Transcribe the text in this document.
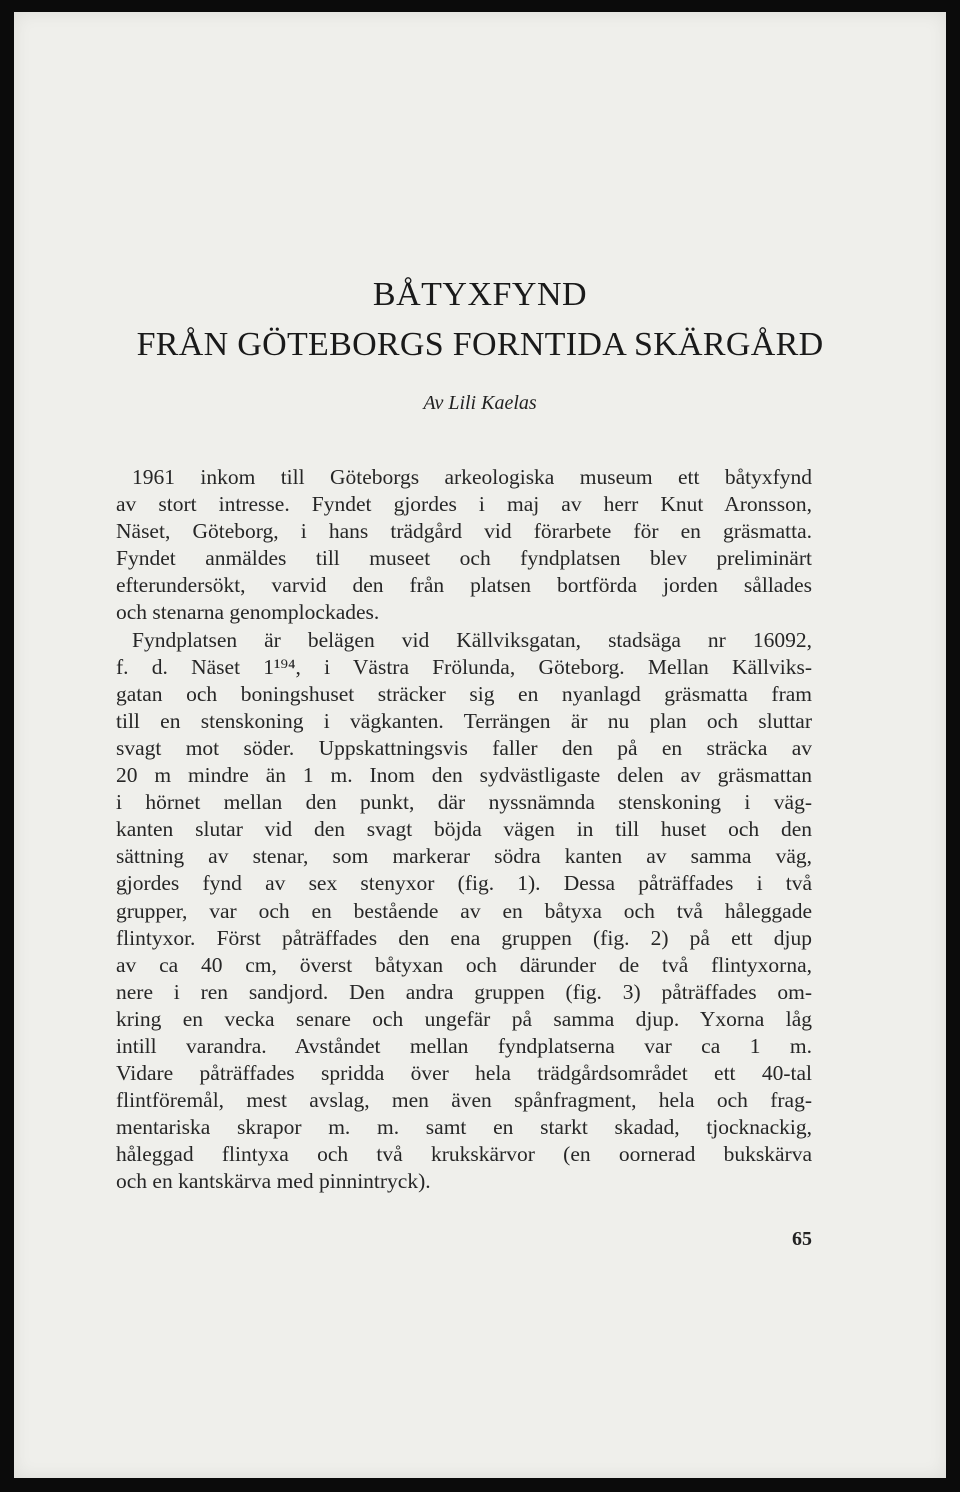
BÅTYXFYND
FRÅN GÖTEBORGS FORNTIDA SKÄRGÅRD
Av Lili Kaelas
1961 inkom till Göteborgs arkeologiska museum ett båtyxfynd
av stort intresse. Fyndet gjordes i maj av herr Knut Aronsson,
Näset, Göteborg, i hans trädgård vid förarbete för en gräsmatta.
Fyndet anmäldes till museet och fyndplatsen blev preliminärt
efterundersökt, varvid den från platsen bortförda jorden sållades
och stenarna genomplockades.
Fyndplatsen är belägen vid Källviksgatan, stadsäga nr 16092,
f. d. Näset 1¹⁹⁴, i Västra Frölunda, Göteborg. Mellan Källviks-
gatan och boningshuset sträcker sig en nyanlagd gräsmatta fram
till en stenskoning i vägkanten. Terrängen är nu plan och sluttar
svagt mot söder. Uppskattningsvis faller den på en sträcka av
20 m mindre än 1 m. Inom den sydvästligaste delen av gräsmattan
i hörnet mellan den punkt, där nyssnämnda stenskoning i väg-
kanten slutar vid den svagt böjda vägen in till huset och den
sättning av stenar, som markerar södra kanten av samma väg,
gjordes fynd av sex stenyxor (fig. 1). Dessa påträffades i två
grupper, var och en bestående av en båtyxa och två håleggade
flintyxor. Först påträffades den ena gruppen (fig. 2) på ett djup
av ca 40 cm, överst båtyxan och därunder de två flintyxorna,
nere i ren sandjord. Den andra gruppen (fig. 3) påträffades om-
kring en vecka senare och ungefär på samma djup. Yxorna låg
intill varandra. Avståndet mellan fyndplatserna var ca 1 m.
Vidare påträffades spridda över hela trädgårdsområdet ett 40-tal
flintföremål, mest avslag, men även spånfragment, hela och frag-
mentariska skrapor m. m. samt en starkt skadad, tjocknackig,
håleggad flintyxa och två krukskärvor (en oornerad bukskärva
och en kantskärva med pinnintryck).
65
